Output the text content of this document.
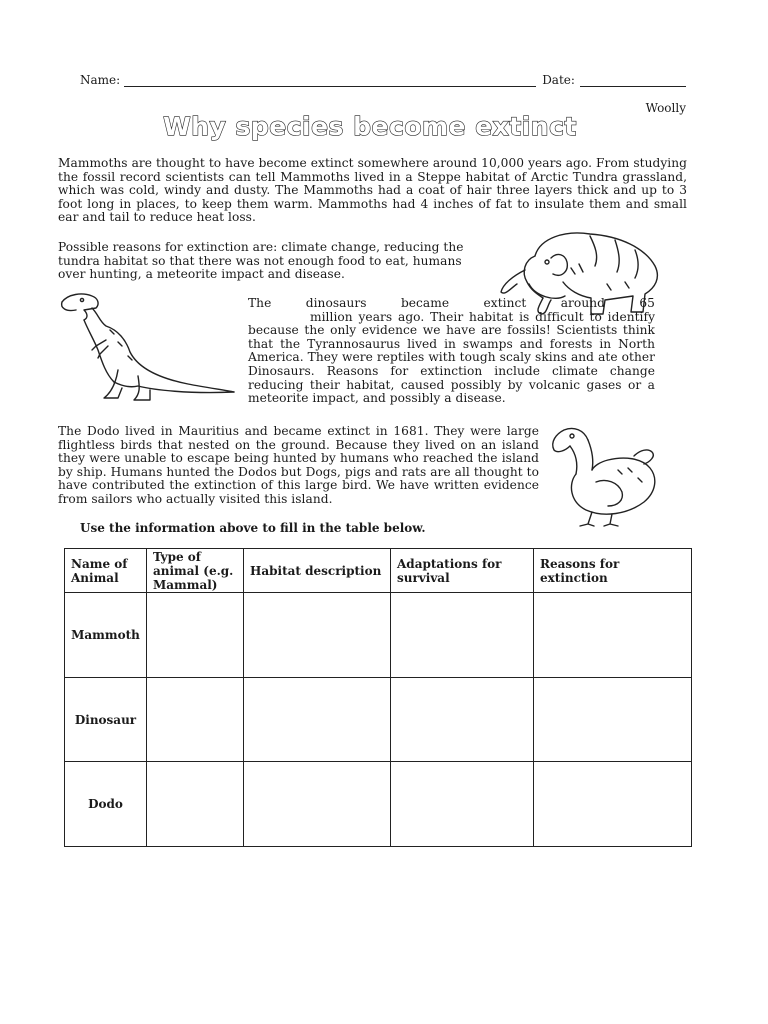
Name:	Date:
Woolly
Why species become extinct
Mammoths are thought to have become extinct somewhere around 10,000 years ago. From studying the fossil record scientists can tell Mammoths lived in a Steppe habitat of Arctic Tundra grassland, which was cold, windy and dusty. The Mammoths had a coat of hair three layers thick and up to 3 foot long in places, to keep them warm. Mammoths had 4 inches of fat to insulate them and small ear and tail to reduce heat loss.
Possible reasons for extinction are: climate change, reducing the tundra habitat so that there was not enough food to eat, humans over hunting, a meteorite impact and disease.
The dinosaurs became extinct around 65
million years ago. Their habitat is difficult to identify because the only evidence we have are fossils! Scientists think that the Tyrannosaurus lived in swamps and forests in North America. They were reptiles with tough scaly skins and ate other Dinosaurs. Reasons for extinction include climate change reducing their habitat, caused possibly by volcanic gases or a meteorite impact, and possibly a disease.
The Dodo lived in Mauritius and became extinct in 1681. They were large flightless birds that nested on the ground. Because they lived on an island they were unable to escape being hunted by humans who reached the island by ship. Humans hunted the Dodos but Dogs, pigs and rats are all thought to have contributed the extinction of this large bird. We have written evidence from sailors who actually visited this island.
Use the information above to fill in the table below.
Name of Animal	Type of animal (e.g. Mammal)	Habitat description	Adaptations for survival	Reasons for extinction
Mammoth				
Dinosaur				
Dodo				
